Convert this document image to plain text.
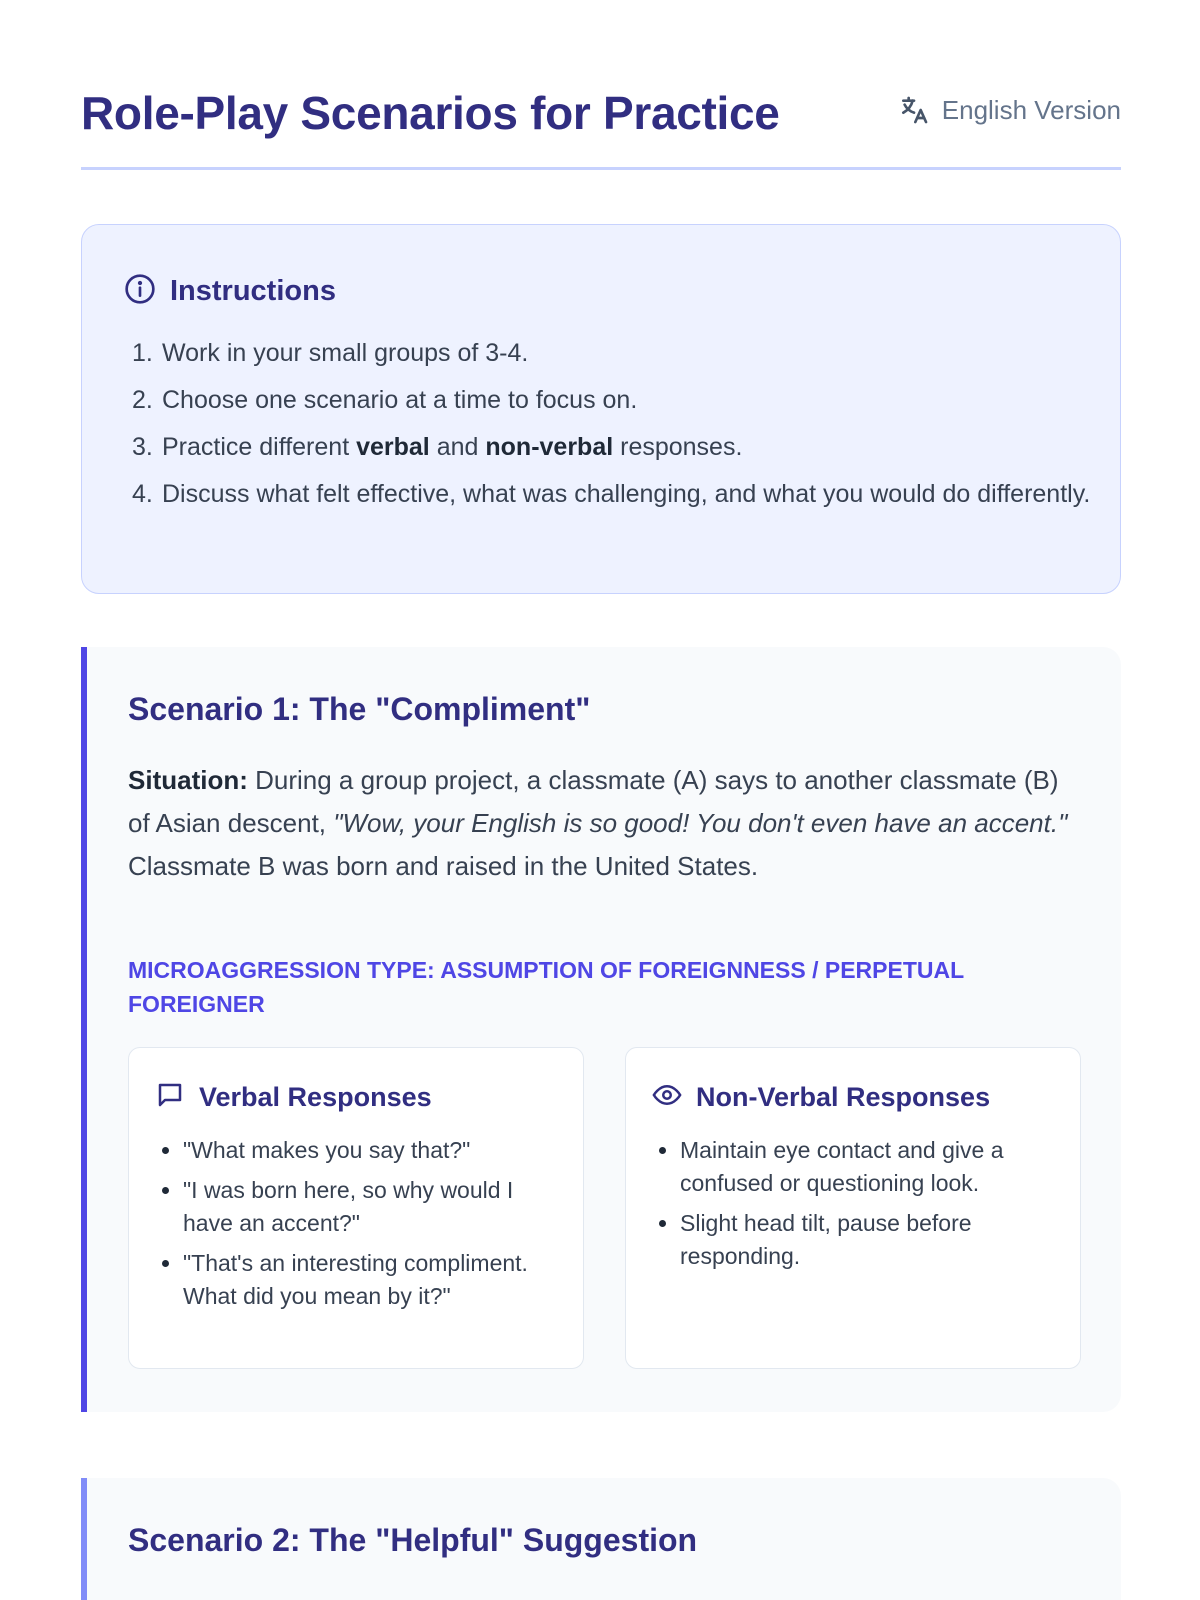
Role-Play Scenarios for Practice	English Version
Instructions
1. Work in your small groups of 3-4.
2. Choose one scenario at a time to focus on.
3. Practice different verbal and non-verbal responses.
4. Discuss what felt effective, what was challenging, and what you would do differently.
Scenario 1: The "Compliment"

Situation: During a group project, a classmate (A) says to another classmate (B) of Asian descent, "Wow, your English is so good! You don't even have an accent." Classmate B was born and raised in the United States.

MICROAGGRESSION TYPE: ASSUMPTION OF FOREIGNNESS / PERPETUAL FOREIGNER
Verbal Responses
• "What makes you say that?"
• "I was born here, so why would I have an accent?"
• "That's an interesting compliment. What did you mean by it?"
Non-Verbal Responses
• Maintain eye contact and give a confused or questioning look.
• Slight head tilt, pause before responding.
Scenario 2: The "Helpful" Suggestion
